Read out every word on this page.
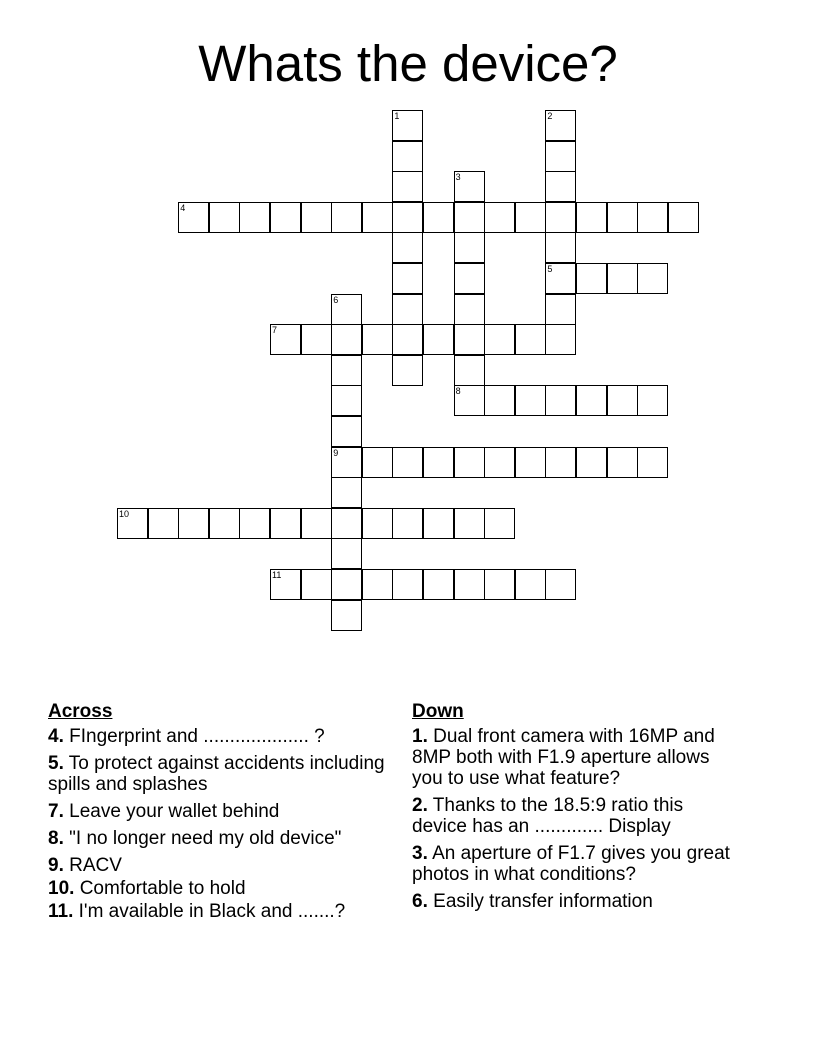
Whats the device?
1	2
5
3
8
4
6
9
7
10
11
Across
4. FIngerprint and .................... ?
5. To protect against accidents including spills and splashes
7. Leave your wallet behind
8. "I no longer need my old device"
9. RACV
10. Comfortable to hold
11. I'm available in Black and .......?
Down
1. Dual front camera with 16MP and 8MP both with F1.9 aperture allows you to use what feature?
2. Thanks to the 18.5:9 ratio this device has an ............. Display
3. An aperture of F1.7 gives you great photos in what conditions?
6. Easily transfer information
